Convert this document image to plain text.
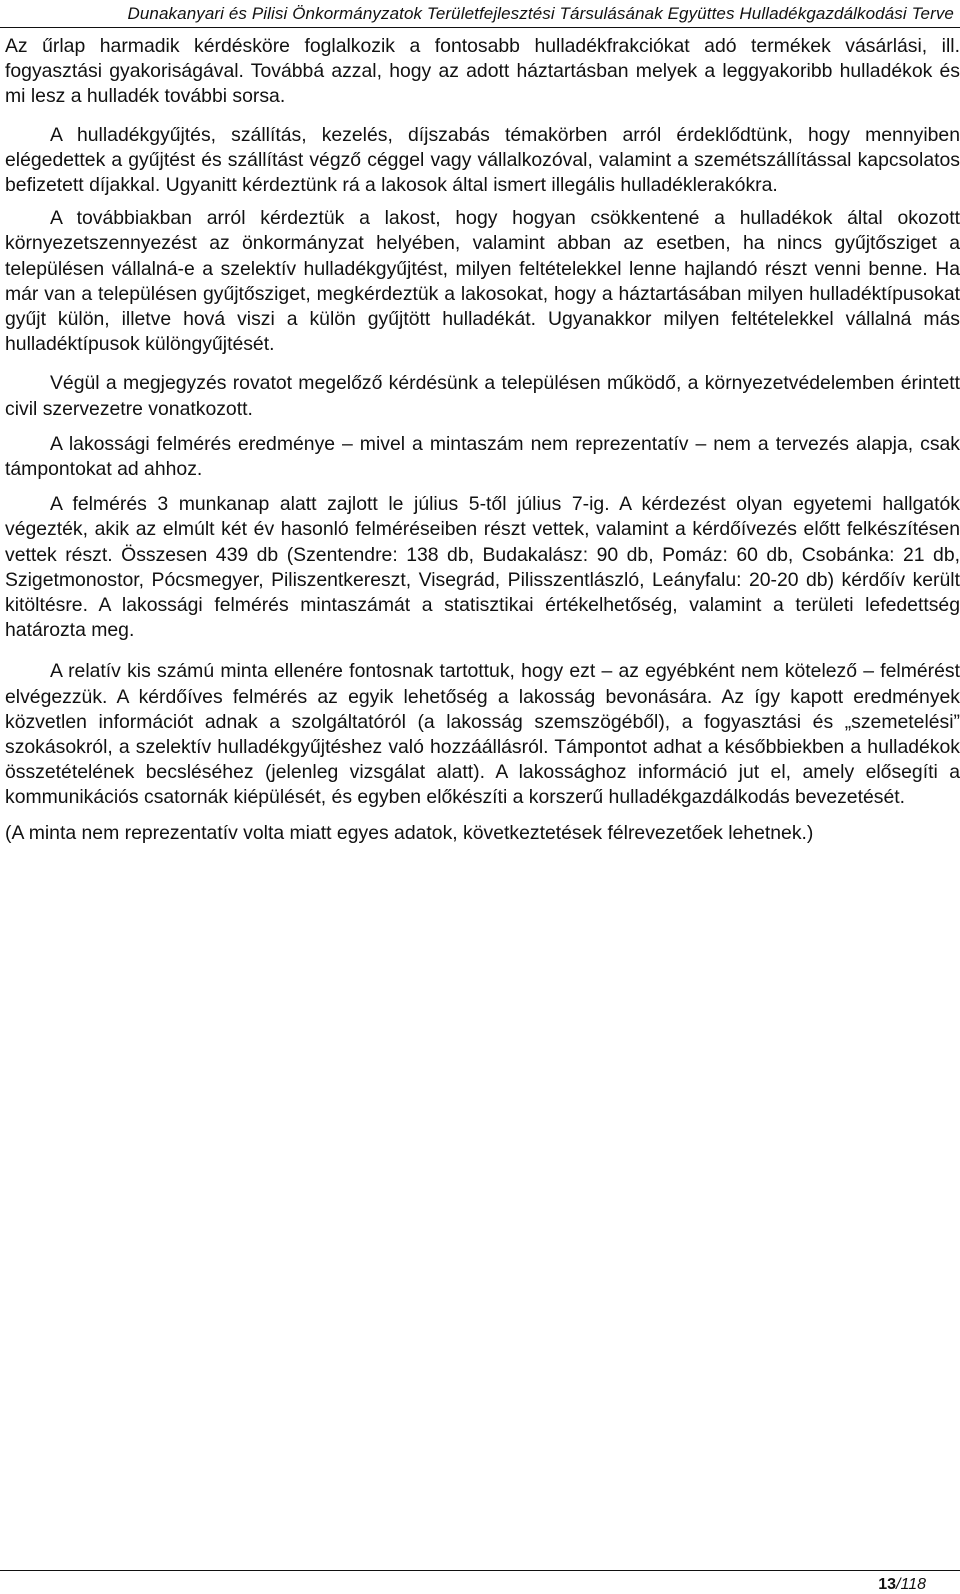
Dunakanyari és Pilisi Önkormányzatok Területfejlesztési Társulásának Együttes Hulladékgazdálkodási Terve

Az űrlap harmadik kérdésköre foglalkozik a fontosabb hulladékfrakciókat adó termékek vásárlási, ill. fogyasztási gyakoriságával. Továbbá azzal, hogy az adott háztartásban melyek a leggyakoribb hulladékok és mi lesz a hulladék további sorsa.

A hulladékgyűjtés, szállítás, kezelés, díjszabás témakörben arról érdeklődtünk, hogy mennyiben elégedettek a gyűjtést és szállítást végző céggel vagy vállalkozóval, valamint a szemétszállítással kapcsolatos befizetett díjakkal. Ugyanitt kérdeztünk rá a lakosok által ismert illegális hulladéklerakókra.

A továbbiakban arról kérdeztük a lakost, hogy hogyan csökkentené a hulladékok által okozott környezetszennyezést az önkormányzat helyében, valamint abban az esetben, ha nincs gyűjtősziget a településen vállalná-e a szelektív hulladékgyűjtést, milyen feltételekkel lenne hajlandó részt venni benne. Ha már van a településen gyűjtősziget, megkérdeztük a lakosokat, hogy a háztartásában milyen hulladéktípusokat gyűjt külön, illetve hová viszi a külön gyűjtött hulladékát. Ugyanakkor milyen feltételekkel vállalná más hulladéktípusok különgyűjtését.

Végül a megjegyzés rovatot megelőző kérdésünk a településen működő, a környezetvédelemben érintett civil szervezetre vonatkozott.

A lakossági felmérés eredménye – mivel a mintaszám nem reprezentatív – nem a tervezés alapja, csak támpontokat ad ahhoz.

A felmérés 3 munkanap alatt zajlott le július 5-től július 7-ig. A kérdezést olyan egyetemi hallgatók végezték, akik az elmúlt két év hasonló felméréseiben részt vettek, valamint a kérdőívezés előtt felkészítésen vettek részt. Összesen 439 db (Szentendre: 138 db, Budakalász: 90 db, Pomáz: 60 db, Csobánka: 21 db, Szigetmonostor, Pócsmegyer, Piliszentkereszt, Visegrád, Pilisszentlászló, Leányfalu: 20-20 db) kérdőív került kitöltésre. A lakossági felmérés mintaszámát a statisztikai értékelhetőség, valamint a területi lefedettség határozta meg.

A relatív kis számú minta ellenére fontosnak tartottuk, hogy ezt – az egyébként nem kötelező – felmérést elvégezzük. A kérdőíves felmérés az egyik lehetőség a lakosság bevonására. Az így kapott eredmények közvetlen információt adnak a szolgáltatóról (a lakosság szemszögéből), a fogyasztási és „szemetelési” szokásokról, a szelektív hulladékgyűjtéshez való hozzáállásról. Támpontot adhat a későbbiekben a hulladékok összetételének becsléséhez (jelenleg vizsgálat alatt). A lakossághoz információ jut el, amely elősegíti a kommunikációs csatornák kiépülését, és egyben előkészíti a korszerű hulladékgazdálkodás bevezetését.

(A minta nem reprezentatív volta miatt egyes adatok, következtetések félrevezetőek lehetnek.)

13/118
